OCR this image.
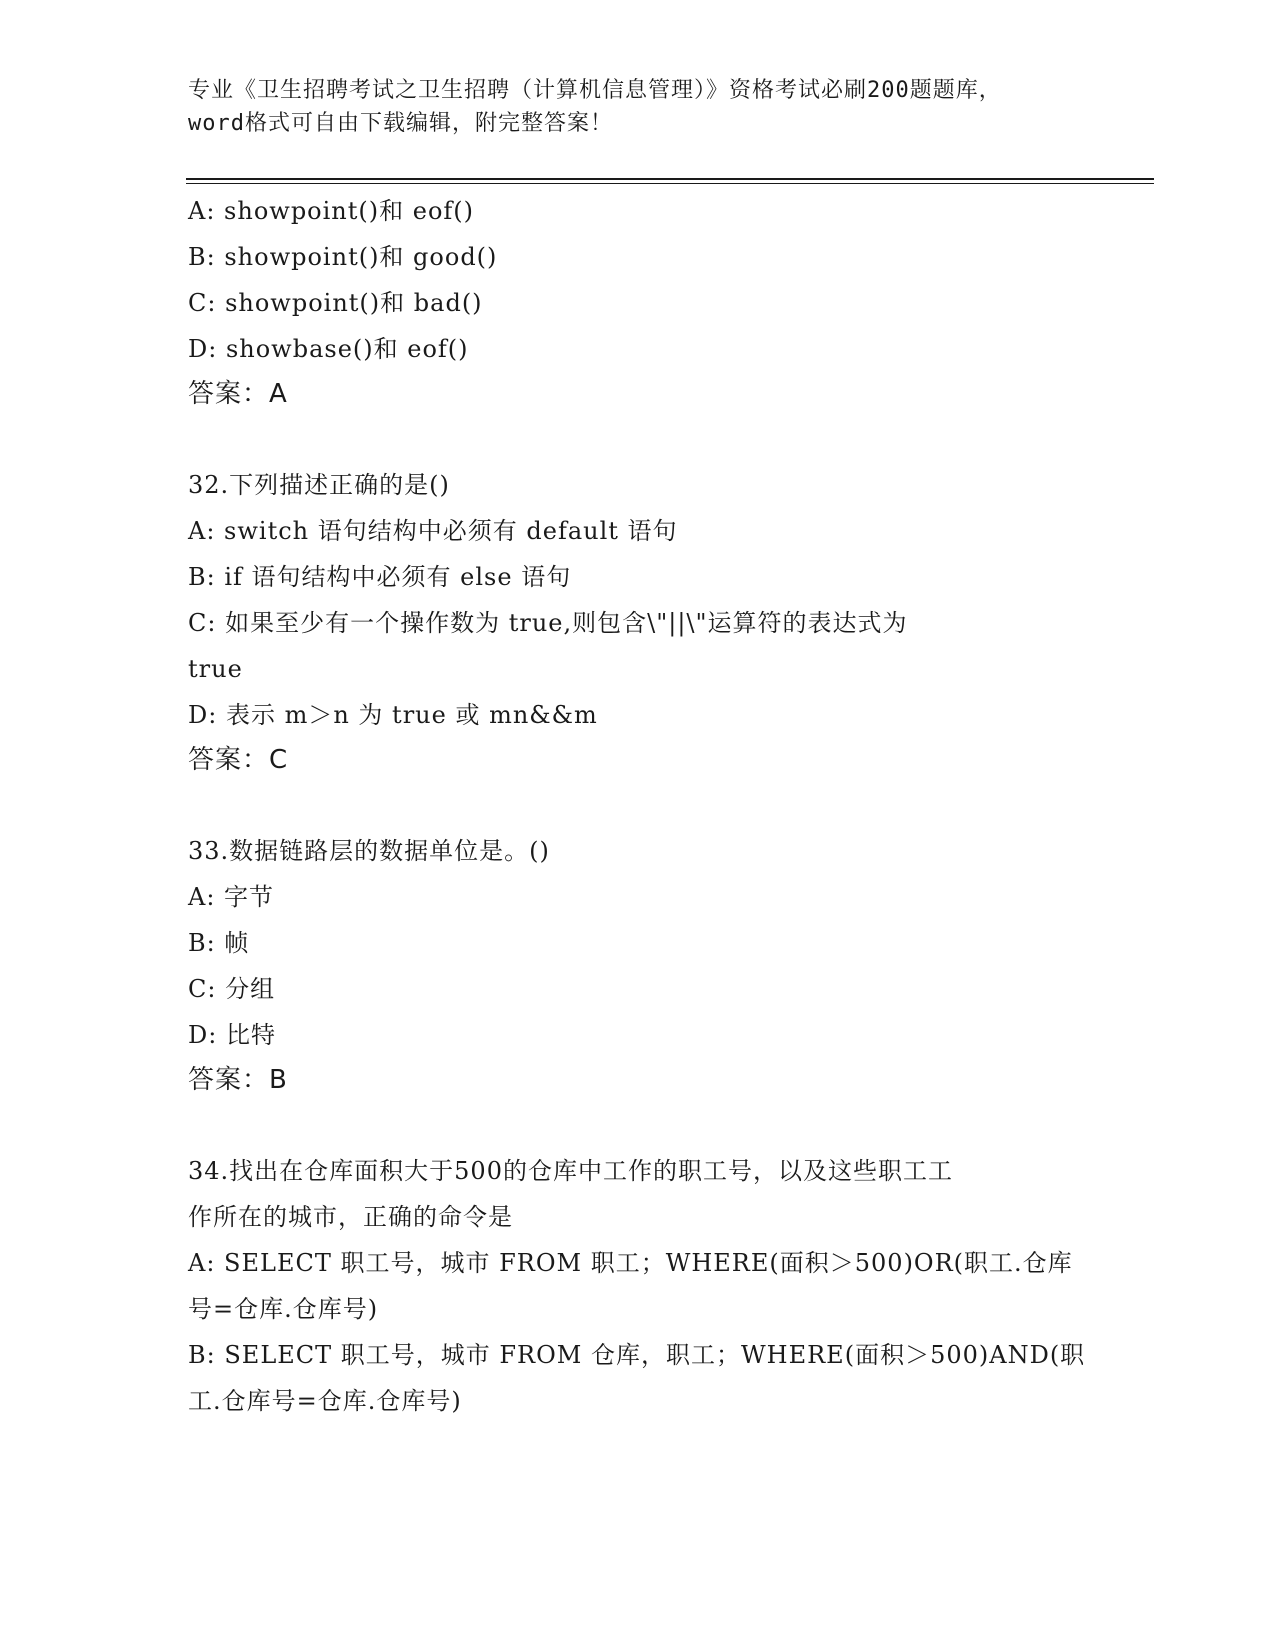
专业《卫生招聘考试之卫生招聘（计算机信息管理）》资格考试必刷200题题库，
word格式可自由下载编辑，附完整答案！
A: showpoint()和 eof()
B: showpoint()和 good()
C: showpoint()和 bad()
D: showbase()和 eof()
答案：A
32.下列描述正确的是()
A: switch 语句结构中必须有 default 语句
B: if 语句结构中必须有 else 语句
C: 如果至少有一个操作数为 true,则包含\"||\"运算符的表达式为
true
D: 表示 m＞n 为 true 或 mn&&m
答案：C
33.数据链路层的数据单位是。()
A: 字节
B: 帧
C: 分组
D: 比特
答案：B
34.找出在仓库面积大于500的仓库中工作的职工号，以及这些职工工
作所在的城市，正确的命令是
A: SELECT 职工号，城市 FROM 职工；WHERE(面积＞500)OR(职工.仓库
号=仓库.仓库号)
B: SELECT 职工号，城市 FROM 仓库，职工；WHERE(面积＞500)AND(职
工.仓库号=仓库.仓库号)
